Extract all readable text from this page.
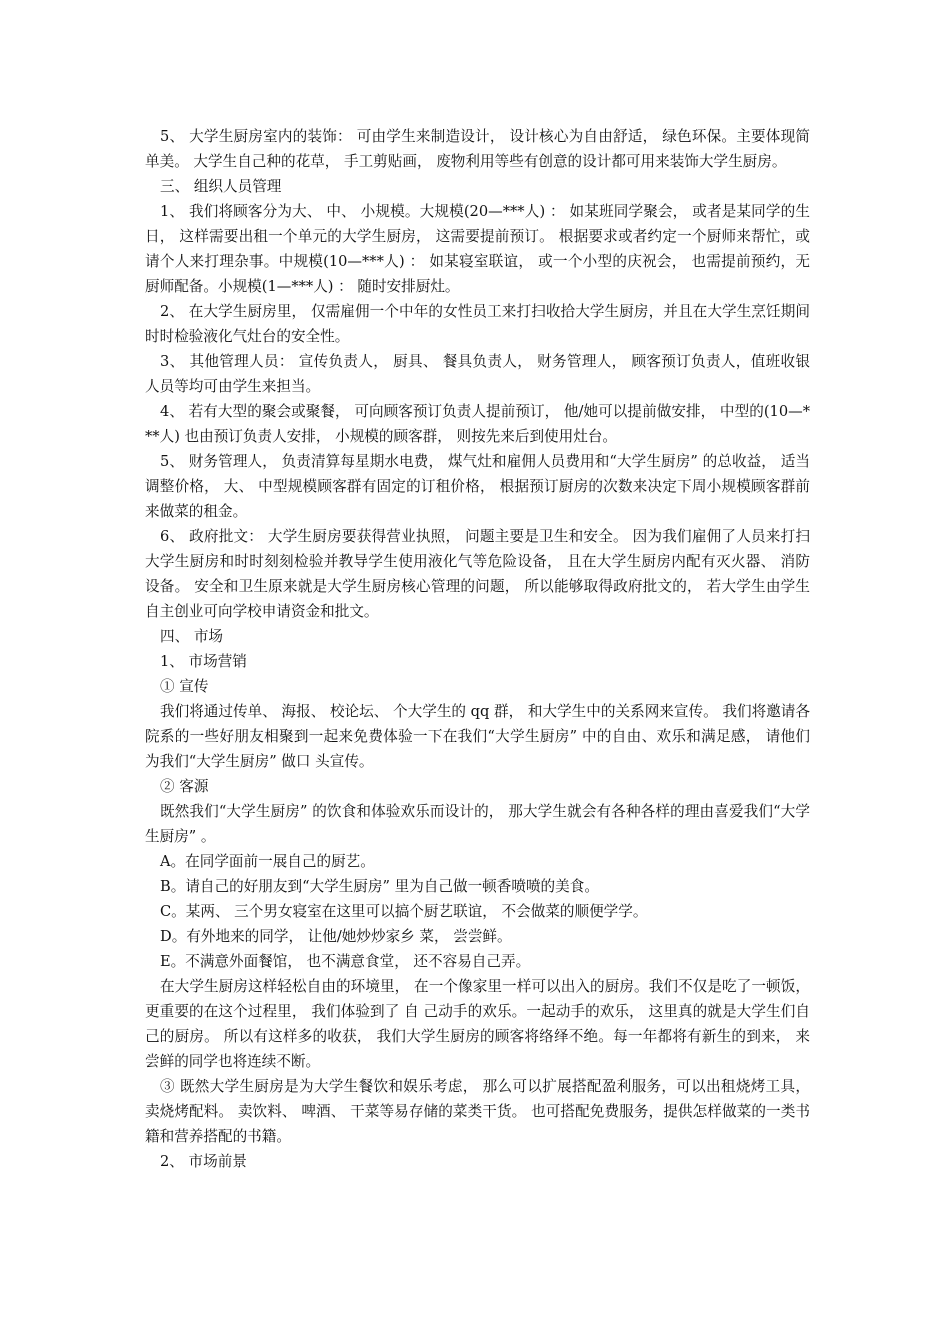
5、 大学生厨房室内的装饰： 可由学生来制造设计， 设计核心为自由舒适， 绿色环保。主要体现简单美。 大学生自己种的花草， 手工剪贴画， 废物利用等些有创意的设计都可用来装饰大学生厨房。

三、 组织人员管理

1、 我们将顾客分为大、 中、 小规模。大规模(20—***人) ： 如某班同学聚会， 或者是某同学的生日， 这样需要出租一个单元的大学生厨房， 这需要提前预订。 根据要求或者约定一个厨师来帮忙，或请个人来打理杂事。中规模(10—***人) ： 如某寝室联谊， 或一个小型的庆祝会， 也需提前预约，无厨师配备。小规模(1—***人) ： 随时安排厨灶。

2、 在大学生厨房里， 仅需雇佣一个中年的女性员工来打扫收拾大学生厨房，并且在大学生烹饪期间时时检验液化气灶台的安全性。

3、 其他管理人员： 宣传负责人， 厨具、 餐具负责人， 财务管理人， 顾客预订负责人，值班收银人员等均可由学生来担当。

4、 若有大型的聚会或聚餐， 可向顾客预订负责人提前预订， 他/她可以提前做安排， 中型的(10—***人) 也由预订负责人安排， 小规模的顾客群， 则按先来后到使用灶台。

5、 财务管理人， 负责清算每星期水电费， 煤气灶和雇佣人员费用和“大学生厨房” 的总收益， 适当调整价格， 大、 中型规模顾客群有固定的订租价格， 根据预订厨房的次数来决定下周小规模顾客群前来做菜的租金。

6、 政府批文： 大学生厨房要获得营业执照， 问题主要是卫生和安全。 因为我们雇佣了人员来打扫大学生厨房和时时刻刻检验并教导学生使用液化气等危险设备， 且在大学生厨房内配有灭火器、 消防设备。 安全和卫生原来就是大学生厨房核心管理的问题， 所以能够取得政府批文的， 若大学生由学生自主创业可向学校申请资金和批文。

四、 市场

1、 市场营销

① 宣传

我们将通过传单、 海报、 校论坛、 个大学生的 qq 群， 和大学生中的关系网来宣传。 我们将邀请各院系的一些好朋友相聚到一起来免费体验一下在我们“大学生厨房” 中的自由、欢乐和满足感， 请他们为我们“大学生厨房” 做口 头宣传。

② 客源

既然我们“大学生厨房” 的饮食和体验欢乐而设计的， 那大学生就会有各种各样的理由喜爱我们“大学生厨房” 。

A。在同学面前一展自己的厨艺。

B。请自己的好朋友到“大学生厨房” 里为自己做一顿香喷喷的美食。

C。某两、 三个男女寝室在这里可以搞个厨艺联谊， 不会做菜的顺便学学。

D。有外地来的同学， 让他/她炒炒家乡 菜， 尝尝鲜。

E。不满意外面餐馆， 也不满意食堂， 还不容易自己弄。

在大学生厨房这样轻松自由的环境里， 在一个像家里一样可以出入的厨房。我们不仅是吃了一顿饭， 更重要的在这个过程里， 我们体验到了 自 己动手的欢乐。一起动手的欢乐， 这里真的就是大学生们自己的厨房。 所以有这样多的收获， 我们大学生厨房的顾客将络绎不绝。每一年都将有新生的到来， 来尝鲜的同学也将连续不断。

③ 既然大学生厨房是为大学生餐饮和娱乐考虑， 那么可以扩展搭配盈利服务，可以出租烧烤工具， 卖烧烤配料。 卖饮料、 啤酒、 干菜等易存储的菜类干货。 也可搭配免费服务，提供怎样做菜的一类书籍和营养搭配的书籍。

2、 市场前景
